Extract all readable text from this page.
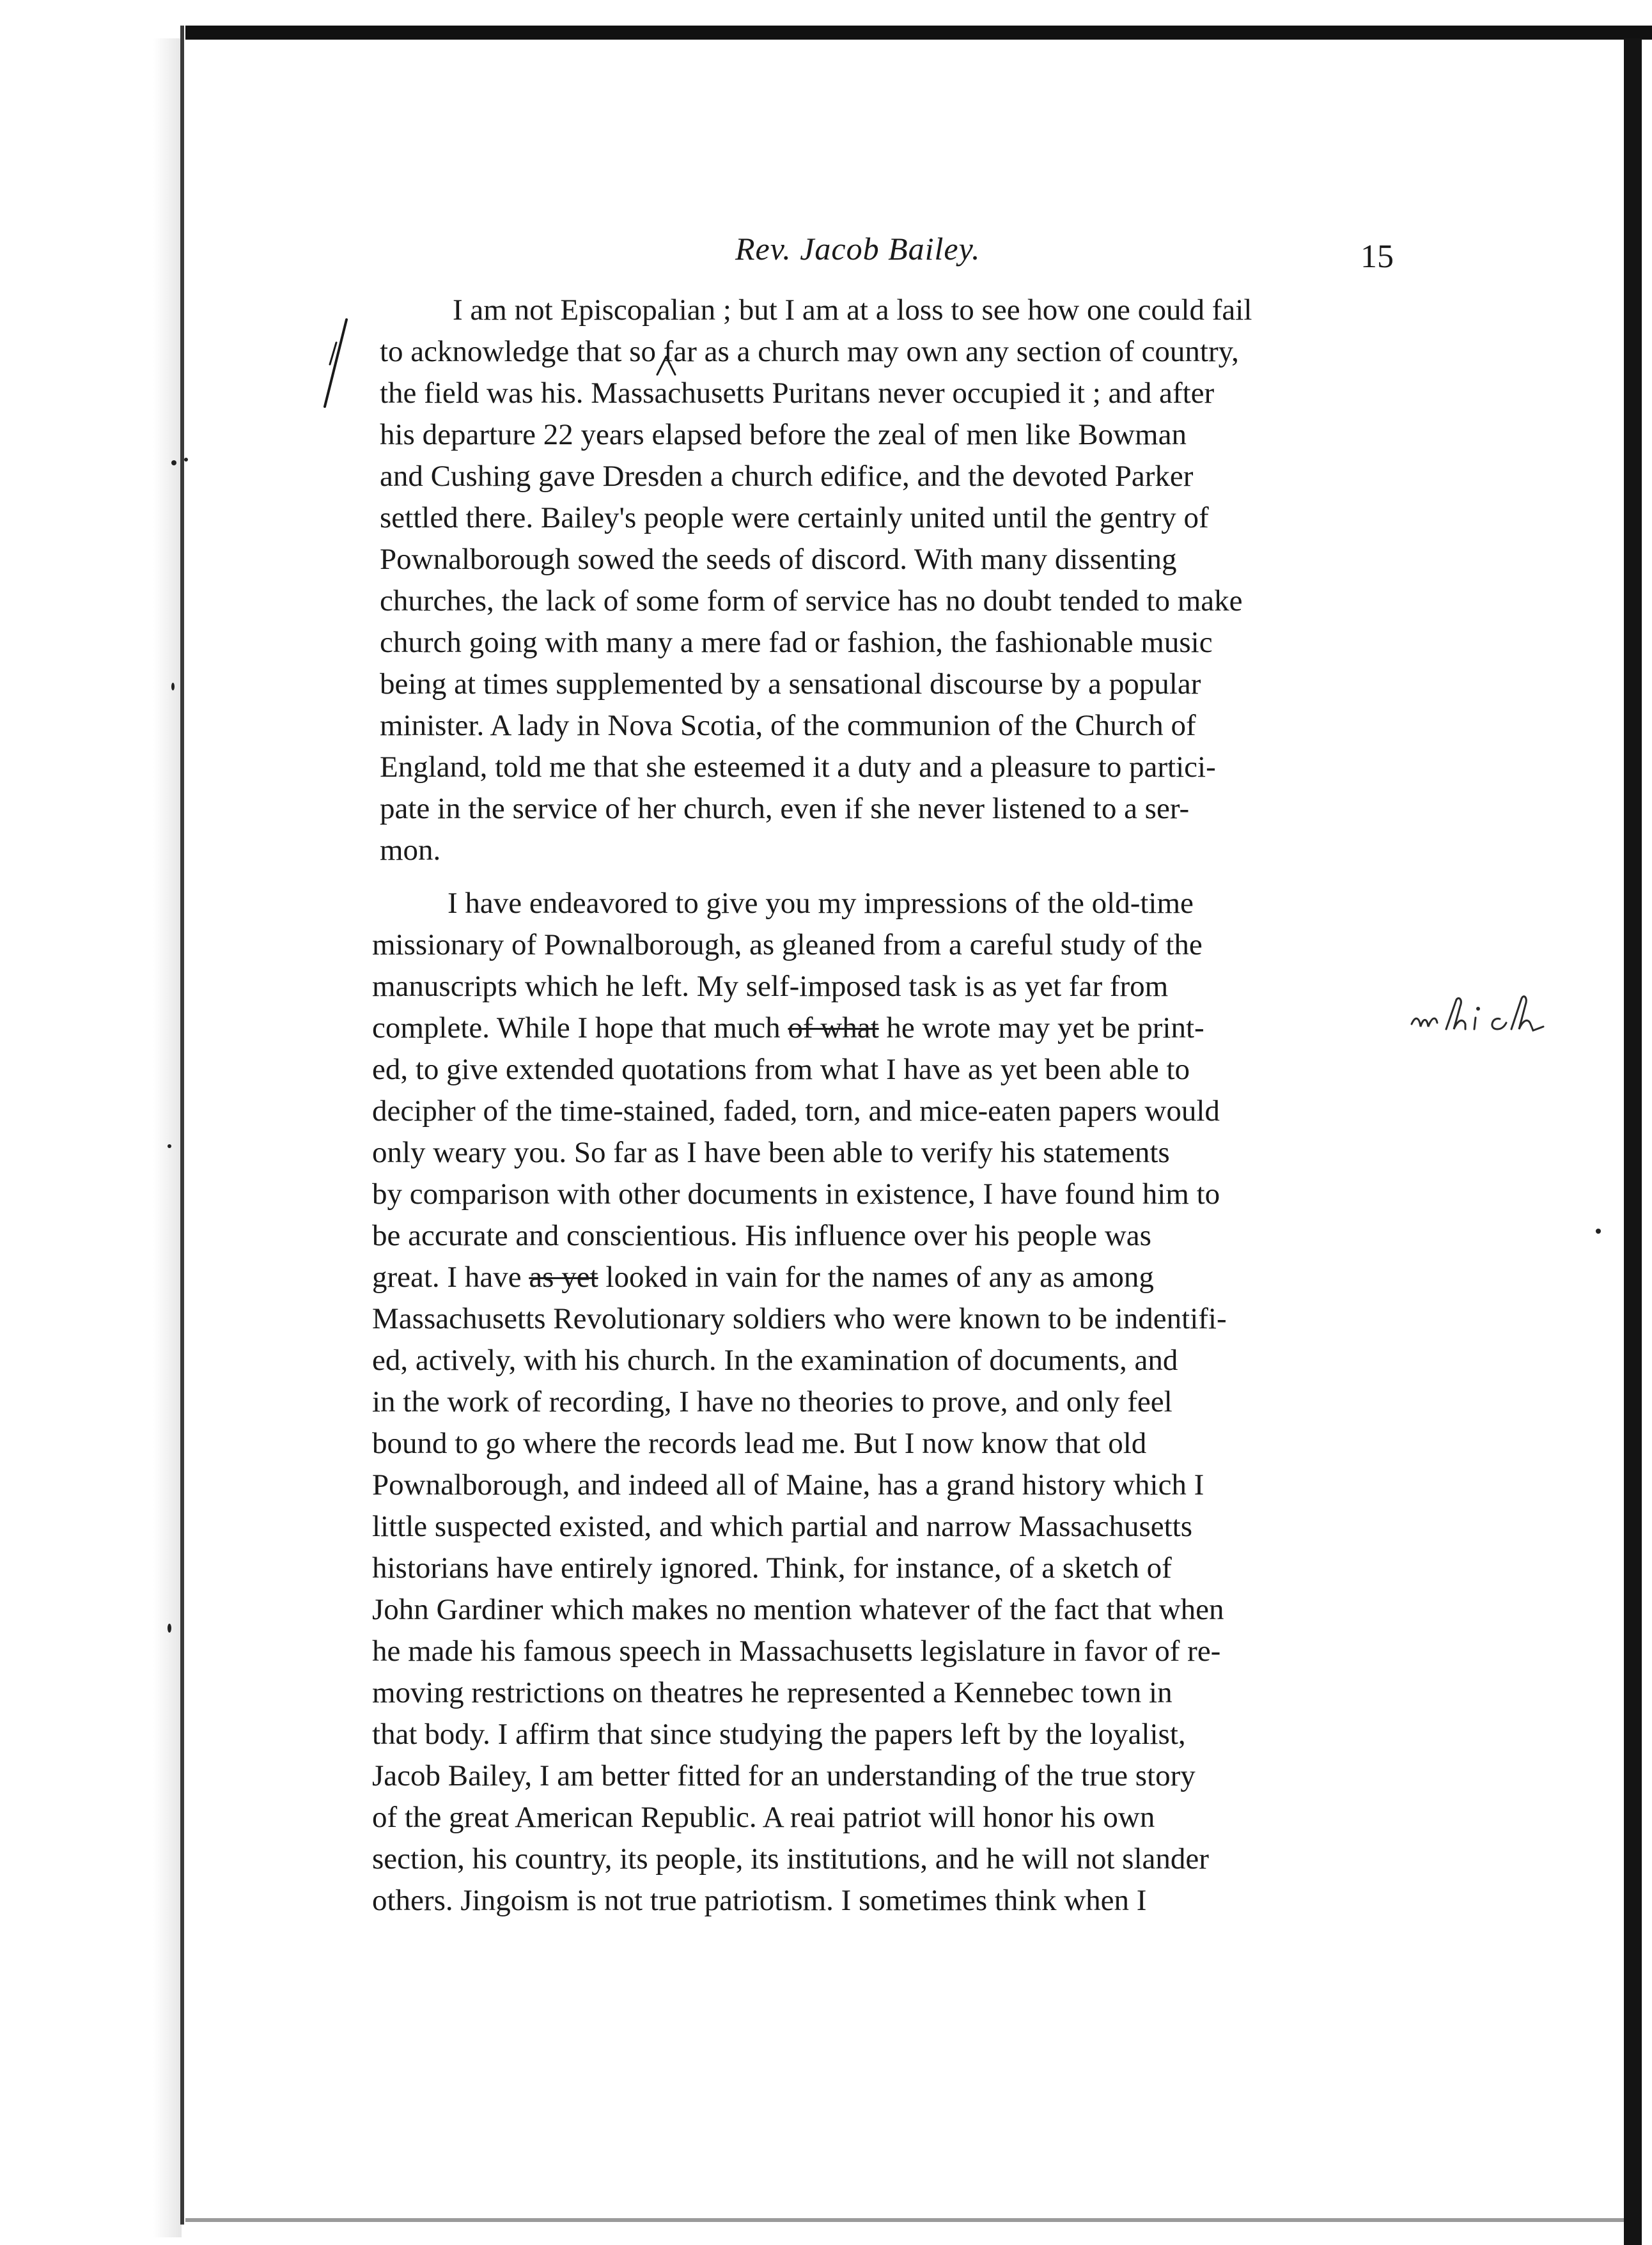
Rev. Jacob Bailey.	15
I am not Episcopalian ; but I am at a loss to see how one could fail
to acknowledge that so far as a church may own any section of country,
the field was his. Massachusetts Puritans never occupied it ; and after
his departure 22 years elapsed before the zeal of men like Bowman
and Cushing gave Dresden a church edifice, and the devoted Parker
settled there. Bailey's people were certainly united until the gentry of
Pownalborough sowed the seeds of discord. With many dissenting
churches, the lack of some form of service has no doubt tended to make
church going with many a mere fad or fashion, the fashionable music
being at times supplemented by a sensational discourse by a popular
minister. A lady in Nova Scotia, of the communion of the Church of
England, told me that she esteemed it a duty and a pleasure to partici-
pate in the service of her church, even if she never listened to a ser-
mon.
I have endeavored to give you my impressions of the old-time
missionary of Pownalborough, as gleaned from a careful study of the
manuscripts which he left. My self-imposed task is as yet far from
complete. While I hope that much of what he wrote may yet be print-
ed, to give extended quotations from what I have as yet been able to
decipher of the time-stained, faded, torn, and mice-eaten papers would
only weary you. So far as I have been able to verify his statements
by comparison with other documents in existence, I have found him to
be accurate and conscientious. His influence over his people was
great. I have as yet looked in vain for the names of any as among
Massachusetts Revolutionary soldiers who were known to be indentifi-
ed, actively, with his church. In the examination of documents, and
in the work of recording, I have no theories to prove, and only feel
bound to go where the records lead me. But I now know that old
Pownalborough, and indeed all of Maine, has a grand history which I
little suspected existed, and which partial and narrow Massachusetts
historians have entirely ignored. Think, for instance, of a sketch of
John Gardiner which makes no mention whatever of the fact that when
he made his famous speech in Massachusetts legislature in favor of re-
moving restrictions on theatres he represented a Kennebec town in
that body. I affirm that since studying the papers left by the loyalist,
Jacob Bailey, I am better fitted for an understanding of the true story
of the great American Republic. A reai patriot will honor his own
section, his country, its people, its institutions, and he will not slander
others. Jingoism is not true patriotism. I sometimes think when I
